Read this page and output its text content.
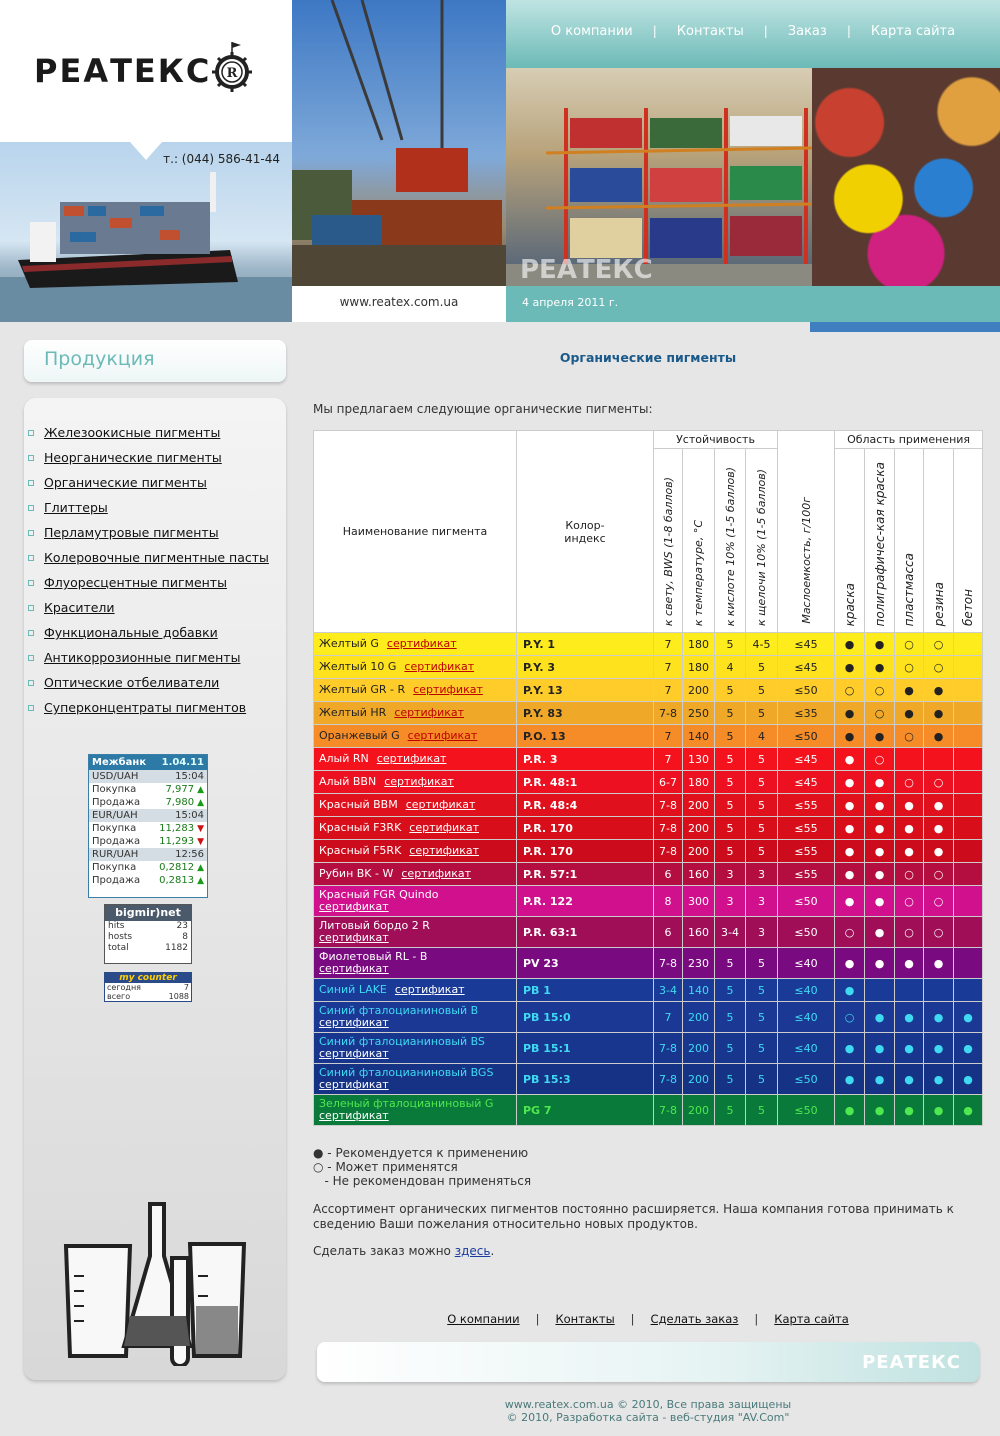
РЕАТЕКС R
т.: (044) 586-41-44
www.reatex.com.ua
О компании | Контакты | Заказ | Карта сайта
РЕАТЕКС
4 апреля 2011 г.
Продукция
Железоокисные пигменты
Неорганические пигменты
Органические пигменты
Глиттеры
Перламутровые пигменты
Колеровочные пигментные пасты
Флуоресцентные пигменты
Красители
Функциональные добавки
Антикоррозионные пигменты
Оптические отбеливатели
Суперконцентраты пигментов
Межбанк 1.04.11
USD/UAH	15:04
Покупка	7,977 ▲
Продажа	7,980 ▲
EUR/UAH	15:04
Покупка 11,283 ▼
Продажа 11,293 ▼
RUR/UAH	12:56
Покупка 0,2812 ▲
Продажа 0,2813 ▲
bigmir)net
hits	23
hosts	8
total	1182
my counter
сегодня	7
всего	1088
Органические пигменты
Мы предлагаем следующие органические пигменты:
Наименование пигмента	Колор-индекс	Устойчивость				Маслоемкость, г/100г	Область применения				

		к свету, BWS (1-8 баллов)	к температуре, °С	к кислоте 10% (1-5 баллов)	к щелочи 10% (1-5 баллов)		краска	полиграфичес-кая краска	пластмасса	резина	бетон

Желтый G сертификат	P.Y. 1	7	180	5	4-5	≤45	●	●	○	○	
Желтый 10 G сертификат	P.Y. 3	7	180	4	5	≤45	●	●	○	○	
Желтый GR - R сертификат	P.Y. 13	7	200	5	5	≤50	○	○	●	●	
Желтый HR сертификат	P.Y. 83	7-8	250	5	5	≤35	●	○	●	●	
Оранжевый G сертификат	P.O. 13	7	140	5	4	≤50	●	●	○	●	
Алый RN сертификат	P.R. 3	7	130	5	5	≤45	●	○			
Алый BBN сертификат	P.R. 48:1	6-7	180	5	5	≤45	●	●	○	○	
Красный BBM сертификат	P.R. 48:4	7-8	200	5	5	≤55	●	●	●	●	
Красный F3RK сертификат	P.R. 170	7-8	200	5	5	≤55	●	●	●	●	
Красный F5RK сертификат	P.R. 170	7-8	200	5	5	≤55	●	●	●	●	
Рубин BK - W сертификат	P.R. 57:1	6	160	3	3	≤55	●	●	○	○	
Красный FGR Quindo
сертификат	P.R. 122	8	300	3	3	≤50	●	●	○	○	
Литовый бордо 2 R
сертификат	P.R. 63:1	6	160	3-4	3	≤50	○	●	○	○	
Фиолетовый RL - B
сертификат	PV 23	7-8	230	5	5	≤40	●	●	●	●	
Синий LAKE сертификат	PB 1	3-4	140	5	5	≤40	●				
Синий фталоцианиновый В
сертификат	PB 15:0	7	200	5	5	≤40	○	●	●	●	●
Синий фталоцианиновый BS
сертификат	PB 15:1	7-8	200	5	5	≤40	●	●	●	●	●
Синий фталоцианиновый BGS
сертификат	PB 15:3	7-8	200	5	5	≤50	●	●	●	●	●
Зеленый фталоцианиновый G
сертификат	PG 7	7-8	200	5	5	≤50	●	●	●	●	●
● - Рекомендуется к применению
○ - Может применятся
- Не рекомендован применяться
Ассортимент органических пигментов постоянно расширяется. Наша компания готова принимать к сведению Ваши пожелания относительно новых продуктов.
Сделать заказ можно здесь.
О компании | Контакты | Сделать заказ | Карта сайта
РЕАТЕКС
www.reatex.com.ua © 2010, Все права защищены
© 2010, Разработка сайта - веб-студия "AV.Com"
